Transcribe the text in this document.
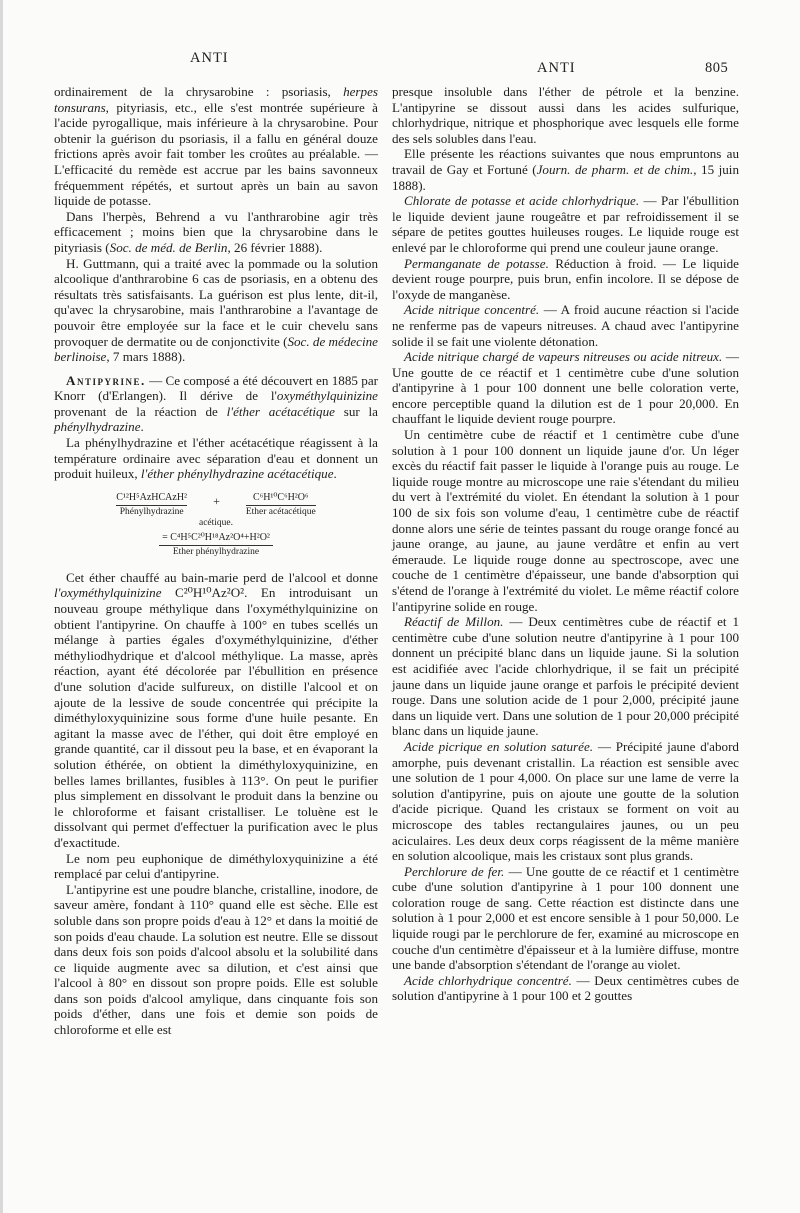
ANTI
ANTI	805

ordinairement de la chrysarobine : psoriasis, herpes tonsurans, pityriasis, etc., elle s'est montrée supérieure à l'acide pyrogallique, mais inférieure à la chrysarobine. Pour obtenir la guérison du psoriasis, il a fallu en général douze frictions après avoir fait tomber les croûtes au préalable. — L'efficacité du remède est accrue par les bains savonneux fréquemment répétés, et surtout après un bain au savon liquide de potasse.

Dans l'herpès, Behrend a vu l'anthrarobine agir très efficacement ; moins bien que la chrysarobine dans le pityriasis (Soc. de méd. de Berlin, 26 février 1888).

H. Guttmann, qui a traité avec la pommade ou la solution alcoolique d'anthrarobine 6 cas de psoriasis, en a obtenu des résultats très satisfaisants. La guérison est plus lente, dit-il, qu'avec la chrysarobine, mais l'anthrarobine a l'avantage de pouvoir être employée sur la face et le cuir chevelu sans provoquer de dermatite ou de conjonctivite (Soc. de médecine berlinoise, 7 mars 1888).

Antipyrine. — Ce composé a été découvert en 1885 par Knorr (d'Erlangen). Il dérive de l'oxyméthylquinizine provenant de la réaction de l'éther acétacétique sur la phénylhydrazine.

La phénylhydrazine et l'éther acétacétique réagissent à la température ordinaire avec séparation d'eau et donnent un produit huileux, l'éther phénylhydrazine acétacétique.

C¹²H⁵AzHCAzH²
Phénylhydrazine
+	C⁶H¹⁰C⁶H²O⁶
Ether acétacétique
acétique.
= C⁴H⁵C²⁰H¹⁸Az²O⁴+H²O²
Ether phénylhydrazine

Cet éther chauffé au bain-marie perd de l'alcool et donne l'oxyméthylquinizine C²⁰H¹⁰Az²O². En introduisant un nouveau groupe méthylique dans l'oxyméthylquinizine on obtient l'antipyrine. On chauffe à 100° en tubes scellés un mélange à parties égales d'oxyméthylquinizine, d'éther méthyliodhydrique et d'alcool méthylique. La masse, après réaction, ayant été décolorée par l'ébullition en présence d'une solution d'acide sulfureux, on distille l'alcool et on ajoute de la lessive de soude concentrée qui précipite la diméthyloxyquinizine sous forme d'une huile pesante. En agitant la masse avec de l'éther, qui doit être employé en grande quantité, car il dissout peu la base, et en évaporant la solution éthérée, on obtient la diméthyloxyquinizine, en belles lames brillantes, fusibles à 113°. On peut le purifier plus simplement en dissolvant le produit dans la benzine ou le chloroforme et faisant cristalliser. Le toluène est le dissolvant qui permet d'effectuer la purification avec le plus d'exactitude.

Le nom peu euphonique de diméthyloxyquinizine a été remplacé par celui d'antipyrine.

L'antipyrine est une poudre blanche, cristalline, inodore, de saveur amère, fondant à 110° quand elle est sèche. Elle est soluble dans son propre poids d'eau à 12° et dans la moitié de son poids d'eau chaude. La solution est neutre. Elle se dissout dans deux fois son poids d'alcool absolu et la solubilité dans ce liquide augmente avec sa dilution, et c'est ainsi que l'alcool à 80° en dissout son propre poids. Elle est soluble dans son poids d'alcool amylique, dans cinquante fois son poids d'éther, dans une fois et demie son poids de chloroforme et elle est

presque insoluble dans l'éther de pétrole et la benzine. L'antipyrine se dissout aussi dans les acides sulfurique, chlorhydrique, nitrique et phosphorique avec lesquels elle forme des sels solubles dans l'eau.

Elle présente les réactions suivantes que nous empruntons au travail de Gay et Fortuné (Journ. de pharm. et de chim., 15 juin 1888).

Chlorate de potasse et acide chlorhydrique. — Par l'ébullition le liquide devient jaune rougeâtre et par refroidissement il se sépare de petites gouttes huileuses rouges. Le liquide rouge est enlevé par le chloroforme qui prend une couleur jaune orange.

Permanganate de potasse. Réduction à froid. — Le liquide devient rouge pourpre, puis brun, enfin incolore. Il se dépose de l'oxyde de manganèse.

Acide nitrique concentré. — A froid aucune réaction si l'acide ne renferme pas de vapeurs nitreuses. A chaud avec l'antipyrine solide il se fait une violente détonation.

Acide nitrique chargé de vapeurs nitreuses ou acide nitreux. — Une goutte de ce réactif et 1 centimètre cube d'une solution d'antipyrine à 1 pour 100 donnent une belle coloration verte, encore perceptible quand la dilution est de 1 pour 20,000. En chauffant le liquide devient rouge pourpre.

Un centimètre cube de réactif et 1 centimètre cube d'une solution à 1 pour 100 donnent un liquide jaune d'or. Un léger excès du réactif fait passer le liquide à l'orange puis au rouge. Le liquide rouge montre au microscope une raie s'étendant du milieu du vert à l'extrémité du violet. En étendant la solution à 1 pour 100 de six fois son volume d'eau, 1 centimètre cube de réactif donne alors une série de teintes passant du rouge orange foncé au jaune orange, au jaune, au jaune verdâtre et enfin au vert émeraude. Le liquide rouge donne au spectroscope, avec une couche de 1 centimètre d'épaisseur, une bande d'absorption qui s'étend de l'orange à l'extrémité du violet. Le même réactif colore l'antipyrine solide en rouge.

Réactif de Millon. — Deux centimètres cube de réactif et 1 centimètre cube d'une solution neutre d'antipyrine à 1 pour 100 donnent un précipité blanc dans un liquide jaune. Si la solution est acidifiée avec l'acide chlorhydrique, il se fait un précipité jaune dans un liquide jaune orange et parfois le précipité devient rouge. Dans une solution acide de 1 pour 2,000, précipité jaune dans un liquide vert. Dans une solution de 1 pour 20,000 précipité blanc dans un liquide jaune.

Acide picrique en solution saturée. — Précipité jaune d'abord amorphe, puis devenant cristallin. La réaction est sensible avec une solution de 1 pour 4,000. On place sur une lame de verre la solution d'antipyrine, puis on ajoute une goutte de la solution d'acide picrique. Quand les cristaux se forment on voit au microscope des tables rectangulaires jaunes, ou un peu aciculaires. Les deux deux corps réagissent de la même manière en solution alcoolique, mais les cristaux sont plus grands.

Perchlorure de fer. — Une goutte de ce réactif et 1 centimètre cube d'une solution d'antipyrine à 1 pour 100 donnent une coloration rouge de sang. Cette réaction est distincte dans une solution à 1 pour 2,000 et est encore sensible à 1 pour 50,000. Le liquide rougi par le perchlorure de fer, examiné au microscope en couche d'un centimètre d'épaisseur et à la lumière diffuse, montre une bande d'absorption s'étendant de l'orange au violet.

Acide chlorhydrique concentré. — Deux centimètres cubes de solution d'antipyrine à 1 pour 100 et 2 gouttes
